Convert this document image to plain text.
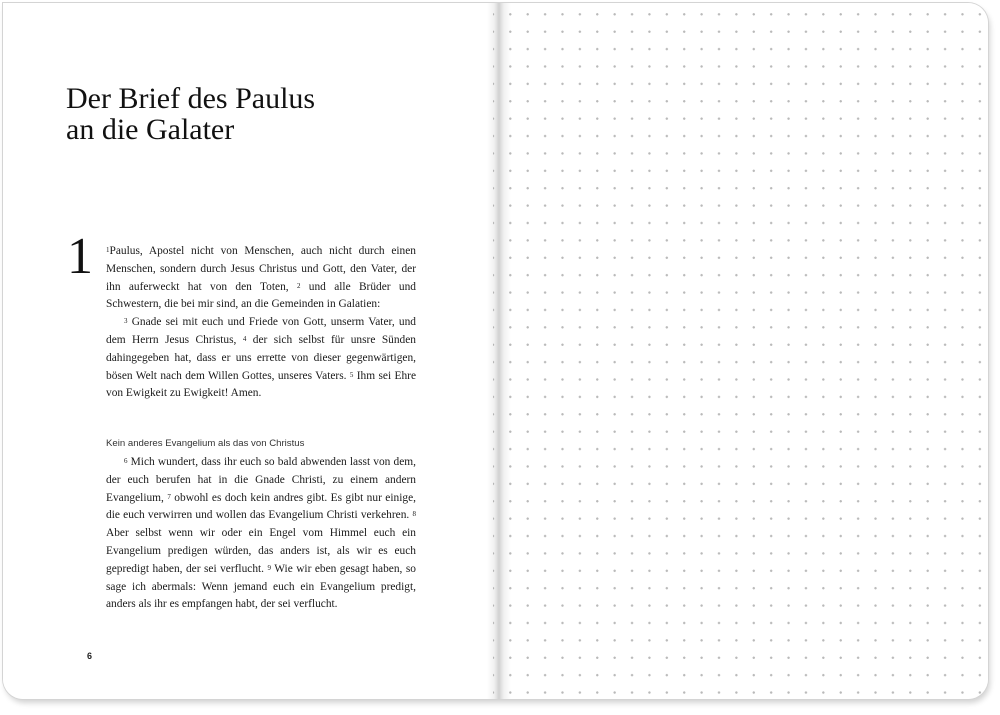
Der Brief des Paulus
an die Galater
1 $^1$Paulus, Apostel nicht von Menschen, auch nicht durch einen Menschen, sondern durch Jesus Christus und Gott, den Vater, der ihn auferweckt hat von den Toten, $^2$ und alle Brüder und Schwestern, die bei mir sind, an die Gemeinden in Galatien:

$^3$ Gnade sei mit euch und Friede von Gott, unserm Vater, und dem Herrn Jesus Christus, $^4$ der sich selbst für unsre Sünden dahingegeben hat, dass er uns errette von dieser gegenwärtigen, bösen Welt nach dem Willen Gottes, unseres Vaters. $^5$ Ihm sei Ehre von Ewigkeit zu Ewigkeit! Amen.

Kein anderes Evangelium als das von Christus

$^6$ Mich wundert, dass ihr euch so bald abwenden lasst von dem, der euch berufen hat in die Gnade Christi, zu einem andern Evangelium, $^7$ obwohl es doch kein andres gibt. Es gibt nur einige, die euch verwirren und wollen das Evangelium Christi verkehren. $^8$ Aber selbst wenn wir oder ein Engel vom Himmel euch ein Evangelium predigen würden, das anders ist, als wir es euch gepredigt haben, der sei verflucht. $^9$ Wie wir eben gesagt haben, so sage ich abermals: Wenn jemand euch ein Evangelium predigt, anders als ihr es empfangen habt, der sei verflucht.

6
